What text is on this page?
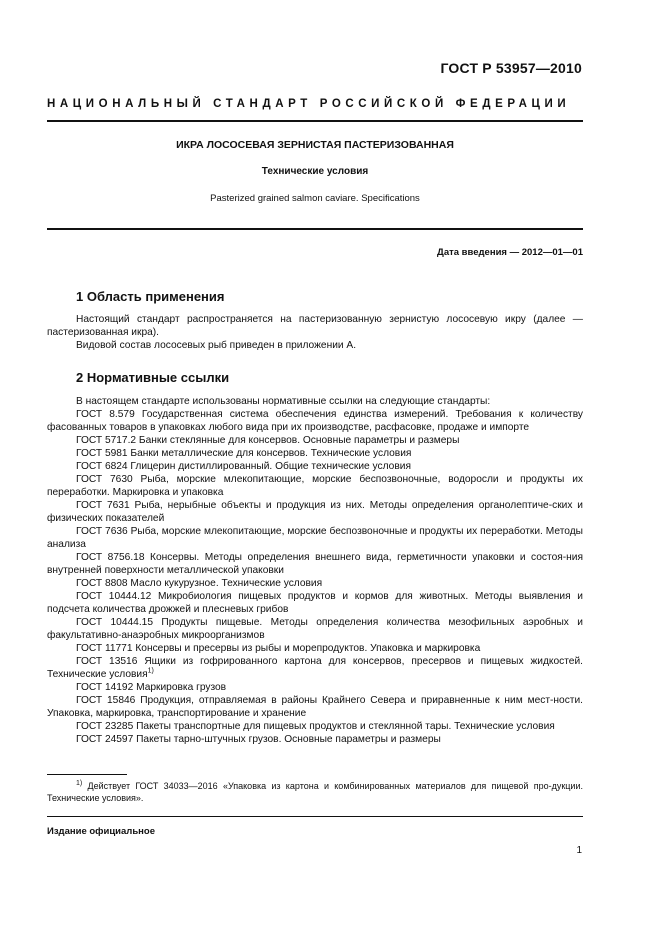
ГОСТ Р 53957—2010
НАЦИОНАЛЬНЫЙ СТАНДАРТ РОССИЙСКОЙ ФЕДЕРАЦИИ
ИКРА ЛОСОСЕВАЯ ЗЕРНИСТАЯ ПАСТЕРИЗОВАННАЯ
Технические условия
Pasterized grained salmon caviare. Specifications
Дата введения — 2012—01—01
1 Область применения

Настоящий стандарт распространяется на пастеризованную зернистую лососевую икру (далее — пастеризованная икра).

Видовой состав лососевых рыб приведен в приложении А.

2 Нормативные ссылки

В настоящем стандарте использованы нормативные ссылки на следующие стандарты:

ГОСТ 8.579 Государственная система обеспечения единства измерений. Требования к количеству фасованных товаров в упаковках любого вида при их производстве, расфасовке, продаже и импорте

ГОСТ 5717.2 Банки стеклянные для консервов. Основные параметры и размеры

ГОСТ 5981 Банки металлические для консервов. Технические условия

ГОСТ 6824 Глицерин дистиллированный. Общие технические условия

ГОСТ 7630 Рыба, морские млекопитающие, морские беспозвоночные, водоросли и продукты их переработки. Маркировка и упаковка

ГОСТ 7631 Рыба, нерыбные объекты и продукция из них. Методы определения органолептиче-ских и физических показателей

ГОСТ 7636 Рыба, морские млекопитающие, морские беспозвоночные и продукты их переработки. Методы анализа

ГОСТ 8756.18 Консервы. Методы определения внешнего вида, герметичности упаковки и состоя-ния внутренней поверхности металлической упаковки

ГОСТ 8808 Масло кукурузное. Технические условия

ГОСТ 10444.12 Микробиология пищевых продуктов и кормов для животных. Методы выявления и подсчета количества дрожжей и плесневых грибов

ГОСТ 10444.15 Продукты пищевые. Методы определения количества мезофильных аэробных и факультативно-анаэробных микроорганизмов

ГОСТ 11771 Консервы и пресервы из рыбы и морепродуктов. Упаковка и маркировка

ГОСТ 13516 Ящики из гофрированного картона для консервов, пресервов и пищевых жидкостей. Технические условия$^{1)}$

ГОСТ 14192 Маркировка грузов

ГОСТ 15846 Продукция, отправляемая в районы Крайнего Севера и приравненные к ним мест-ности. Упаковка, маркировка, транспортирование и хранение

ГОСТ 23285 Пакеты транспортные для пищевых продуктов и стеклянной тары. Технические условия

ГОСТ 24597 Пакеты тарно-штучных грузов. Основные параметры и размеры

$^{1)}$ Действует ГОСТ 34033—2016 «Упаковка из картона и комбинированных материалов для пищевой про-дукции. Технические условия».
Издание официальное
1
